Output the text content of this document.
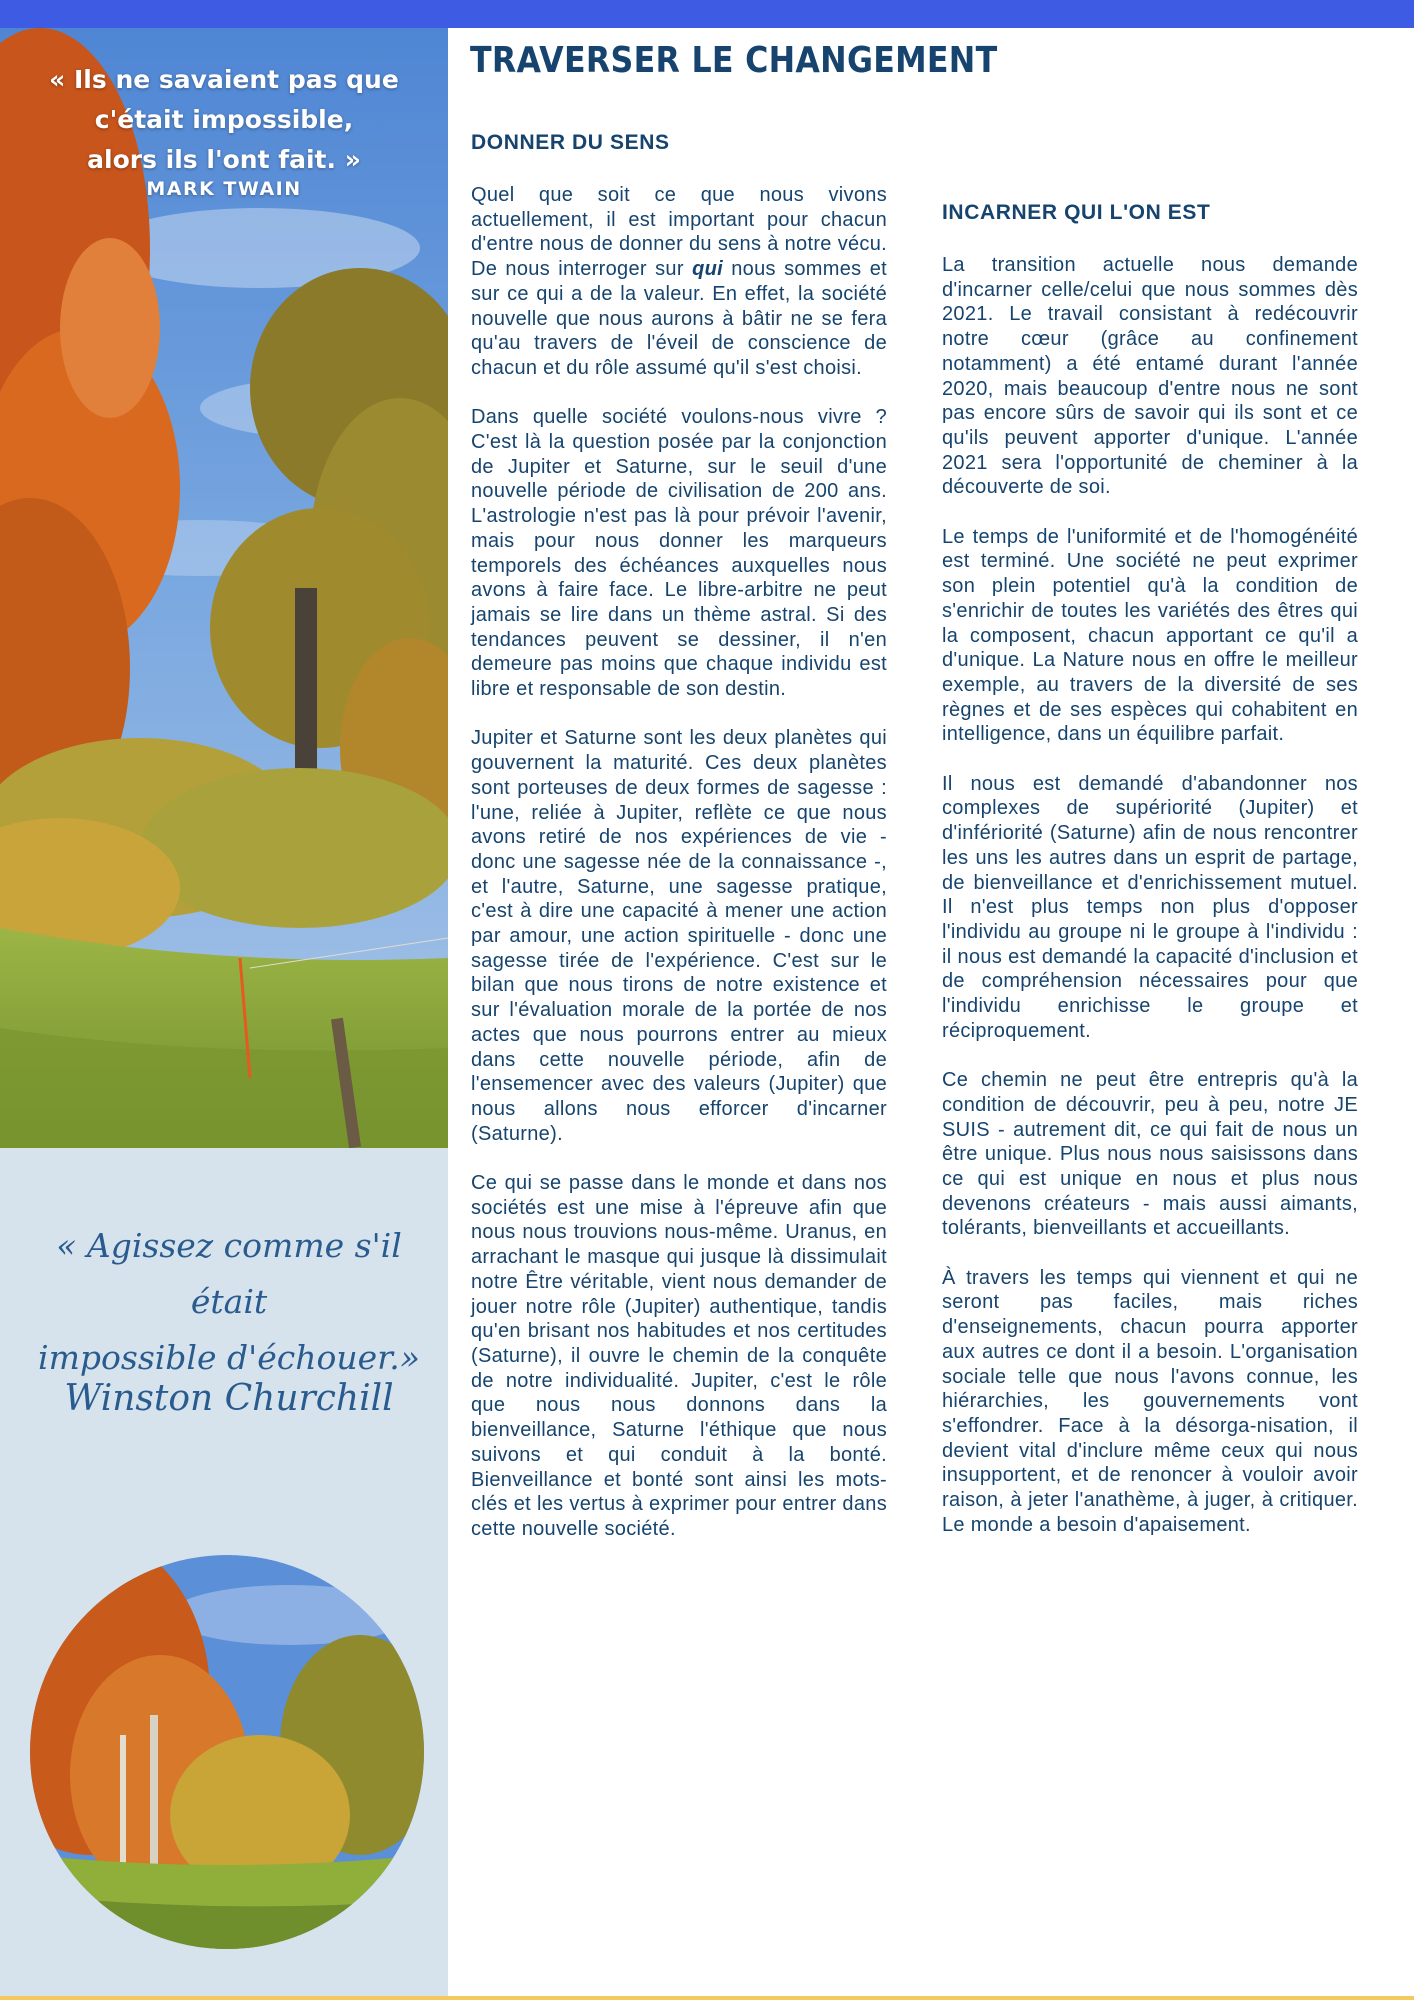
« Ils ne savaient pas que
c'était impossible,
alors ils l'ont fait. »
MARK TWAIN
« Agissez comme s'il était
impossible d'échouer.»
Winston Churchill
TRAVERSER LE CHANGEMENT
DONNER DU SENS

Quel que soit ce que nous vivons actuellement, il est important pour chacun d'entre nous de donner du sens à notre vécu. De nous interroger sur qui nous sommes et sur ce qui a de la valeur. En effet, la société nouvelle que nous aurons à bâtir ne se fera qu'au travers de l'éveil de conscience de chacun et du rôle assumé qu'il s'est choisi.

Dans quelle société voulons-nous vivre ? C'est là la question posée par la conjonction de Jupiter et Saturne, sur le seuil d'une nouvelle période de civilisation de 200 ans. L'astrologie n'est pas là pour prévoir l'avenir, mais pour nous donner les marqueurs temporels des échéances auxquelles nous avons à faire face. Le libre-arbitre ne peut jamais se lire dans un thème astral. Si des tendances peuvent se dessiner, il n'en demeure pas moins que chaque individu est libre et responsable de son destin.

Jupiter et Saturne sont les deux planètes qui gouvernent la maturité. Ces deux planètes sont porteuses de deux formes de sagesse : l'une, reliée à Jupiter, reflète ce que nous avons retiré de nos expériences de vie - donc une sagesse née de la connaissance -, et l'autre, Saturne, une sagesse pratique, c'est à dire une capacité à mener une action par amour, une action spirituelle - donc une sagesse tirée de l'expérience. C'est sur le bilan que nous tirons de notre existence et sur l'évaluation morale de la portée de nos actes que nous pourrons entrer au mieux dans cette nouvelle période, afin de l'ensemencer avec des valeurs (Jupiter) que nous allons nous efforcer d'incarner (Saturne).

Ce qui se passe dans le monde et dans nos sociétés est une mise à l'épreuve afin que nous nous trouvions nous-même. Uranus, en arrachant le masque qui jusque là dissimulait notre Être véritable, vient nous demander de jouer notre rôle (Jupiter) authentique, tandis qu'en brisant nos habitudes et nos certitudes (Saturne), il ouvre le chemin de la conquête de notre individualité. Jupiter, c'est le rôle que nous nous donnons dans la bienveillance, Saturne l'éthique que nous suivons et qui conduit à la bonté. Bienveillance et bonté sont ainsi les mots-clés et les vertus à exprimer pour entrer dans cette nouvelle société.

INCARNER QUI L'ON EST

La transition actuelle nous demande d'incarner celle/celui que nous sommes dès 2021. Le travail consistant à redécouvrir notre cœur (grâce au confinement notamment) a été entamé durant l'année 2020, mais beaucoup d'entre nous ne sont pas encore sûrs de savoir qui ils sont et ce qu'ils peuvent apporter d'unique. L'année 2021 sera l'opportunité de cheminer à la découverte de soi.

Le temps de l'uniformité et de l'homogénéité est terminé. Une société ne peut exprimer son plein potentiel qu'à la condition de s'enrichir de toutes les variétés des êtres qui la composent, chacun apportant ce qu'il a d'unique. La Nature nous en offre le meilleur exemple, au travers de la diversité de ses règnes et de ses espèces qui cohabitent en intelligence, dans un équilibre parfait.

Il nous est demandé d'abandonner nos complexes de supériorité (Jupiter) et d'infériorité (Saturne) afin de nous rencontrer les uns les autres dans un esprit de partage, de bienveillance et d'enrichissement mutuel. Il n'est plus temps non plus d'opposer l'individu au groupe ni le groupe à l'individu : il nous est demandé la capacité d'inclusion et de compréhension nécessaires pour que l'individu enrichisse le groupe et réciproquement.

Ce chemin ne peut être entrepris qu'à la condition de découvrir, peu à peu, notre JE SUIS - autrement dit, ce qui fait de nous un être unique. Plus nous nous saisissons dans ce qui est unique en nous et plus nous devenons créateurs - mais aussi aimants, tolérants, bienveillants et accueillants.

À travers les temps qui viennent et qui ne seront pas faciles, mais riches d'enseignements, chacun pourra apporter aux autres ce dont il a besoin. L'organisation sociale telle que nous l'avons connue, les hiérarchies, les gouvernements vont s'effondrer. Face à la désorga-nisation, il devient vital d'inclure même ceux qui nous insupportent, et de renoncer à vouloir avoir raison, à jeter l'anathème, à juger, à critiquer. Le monde a besoin d'apaisement.
